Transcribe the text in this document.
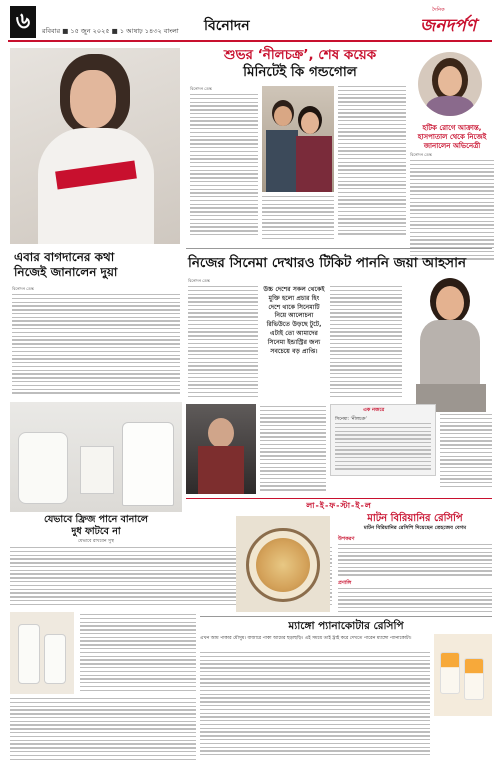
৬	রবিবার ■ ১৫ জুন ২০২৫ ■ ১ আষাঢ় ১৪৩২ বাংলা বিনোদন
দৈনিক
জনদর্পণ
শুভর ‘নীলচক্র’, শেষ কয়েক
মিনিটেই কি গন্ডগোল
হটিক রোগে আক্রান্ত, হাসপাতাল থেকে নিজেই জানালেন অভিনেত্রী
বিনোদন ডেস্ক
বিনোদন ডেস্ক
এবার বাগদানের কথা
নিজেই জানালেন দুয়া
বিনোদন ডেস্ক
নিজের সিনেমা দেখারও টিকিট পাননি জয়া আহসান
বিনোদন ডেস্ক
উচ্চ দেশের সকল থেকেই মুক্তি হলো প্রচার হিং দেশে থাকে সিনেমাটি নিয়ে আলোচনা রিভিউতে উড়ছে টুটে, এটাই তো আমাদের সিনেমা ইন্ডাস্ট্রির জন্য সবচেয়ে বড় প্রাপ্তি।
এক নজরে
সিনেমা: ‘নীলচক্র’
লা-ই-ফ-স্টা-ই-ল
যেভাবে ফ্রিজ পানে বানালে
দুধ ফাটবে না
যেভাবে রাখবেন সুস্থ
মাটন বিরিয়ানির রেসিপি
মাটন বিরিয়ানির রেসিপি দিয়েছেন তেহজেব বেগম
উপকরণ
প্রণালি
ম্যাঙ্গো প্যানাকোটার রেসিপি
এখন আম পাকার মৌসুম। বাজারে পাকা আমের ছড়াছড়ি। এই সময়ে তাই ট্রাই করে দেখতে পারেন ম্যাঙ্গো প্যানাকোটা।
